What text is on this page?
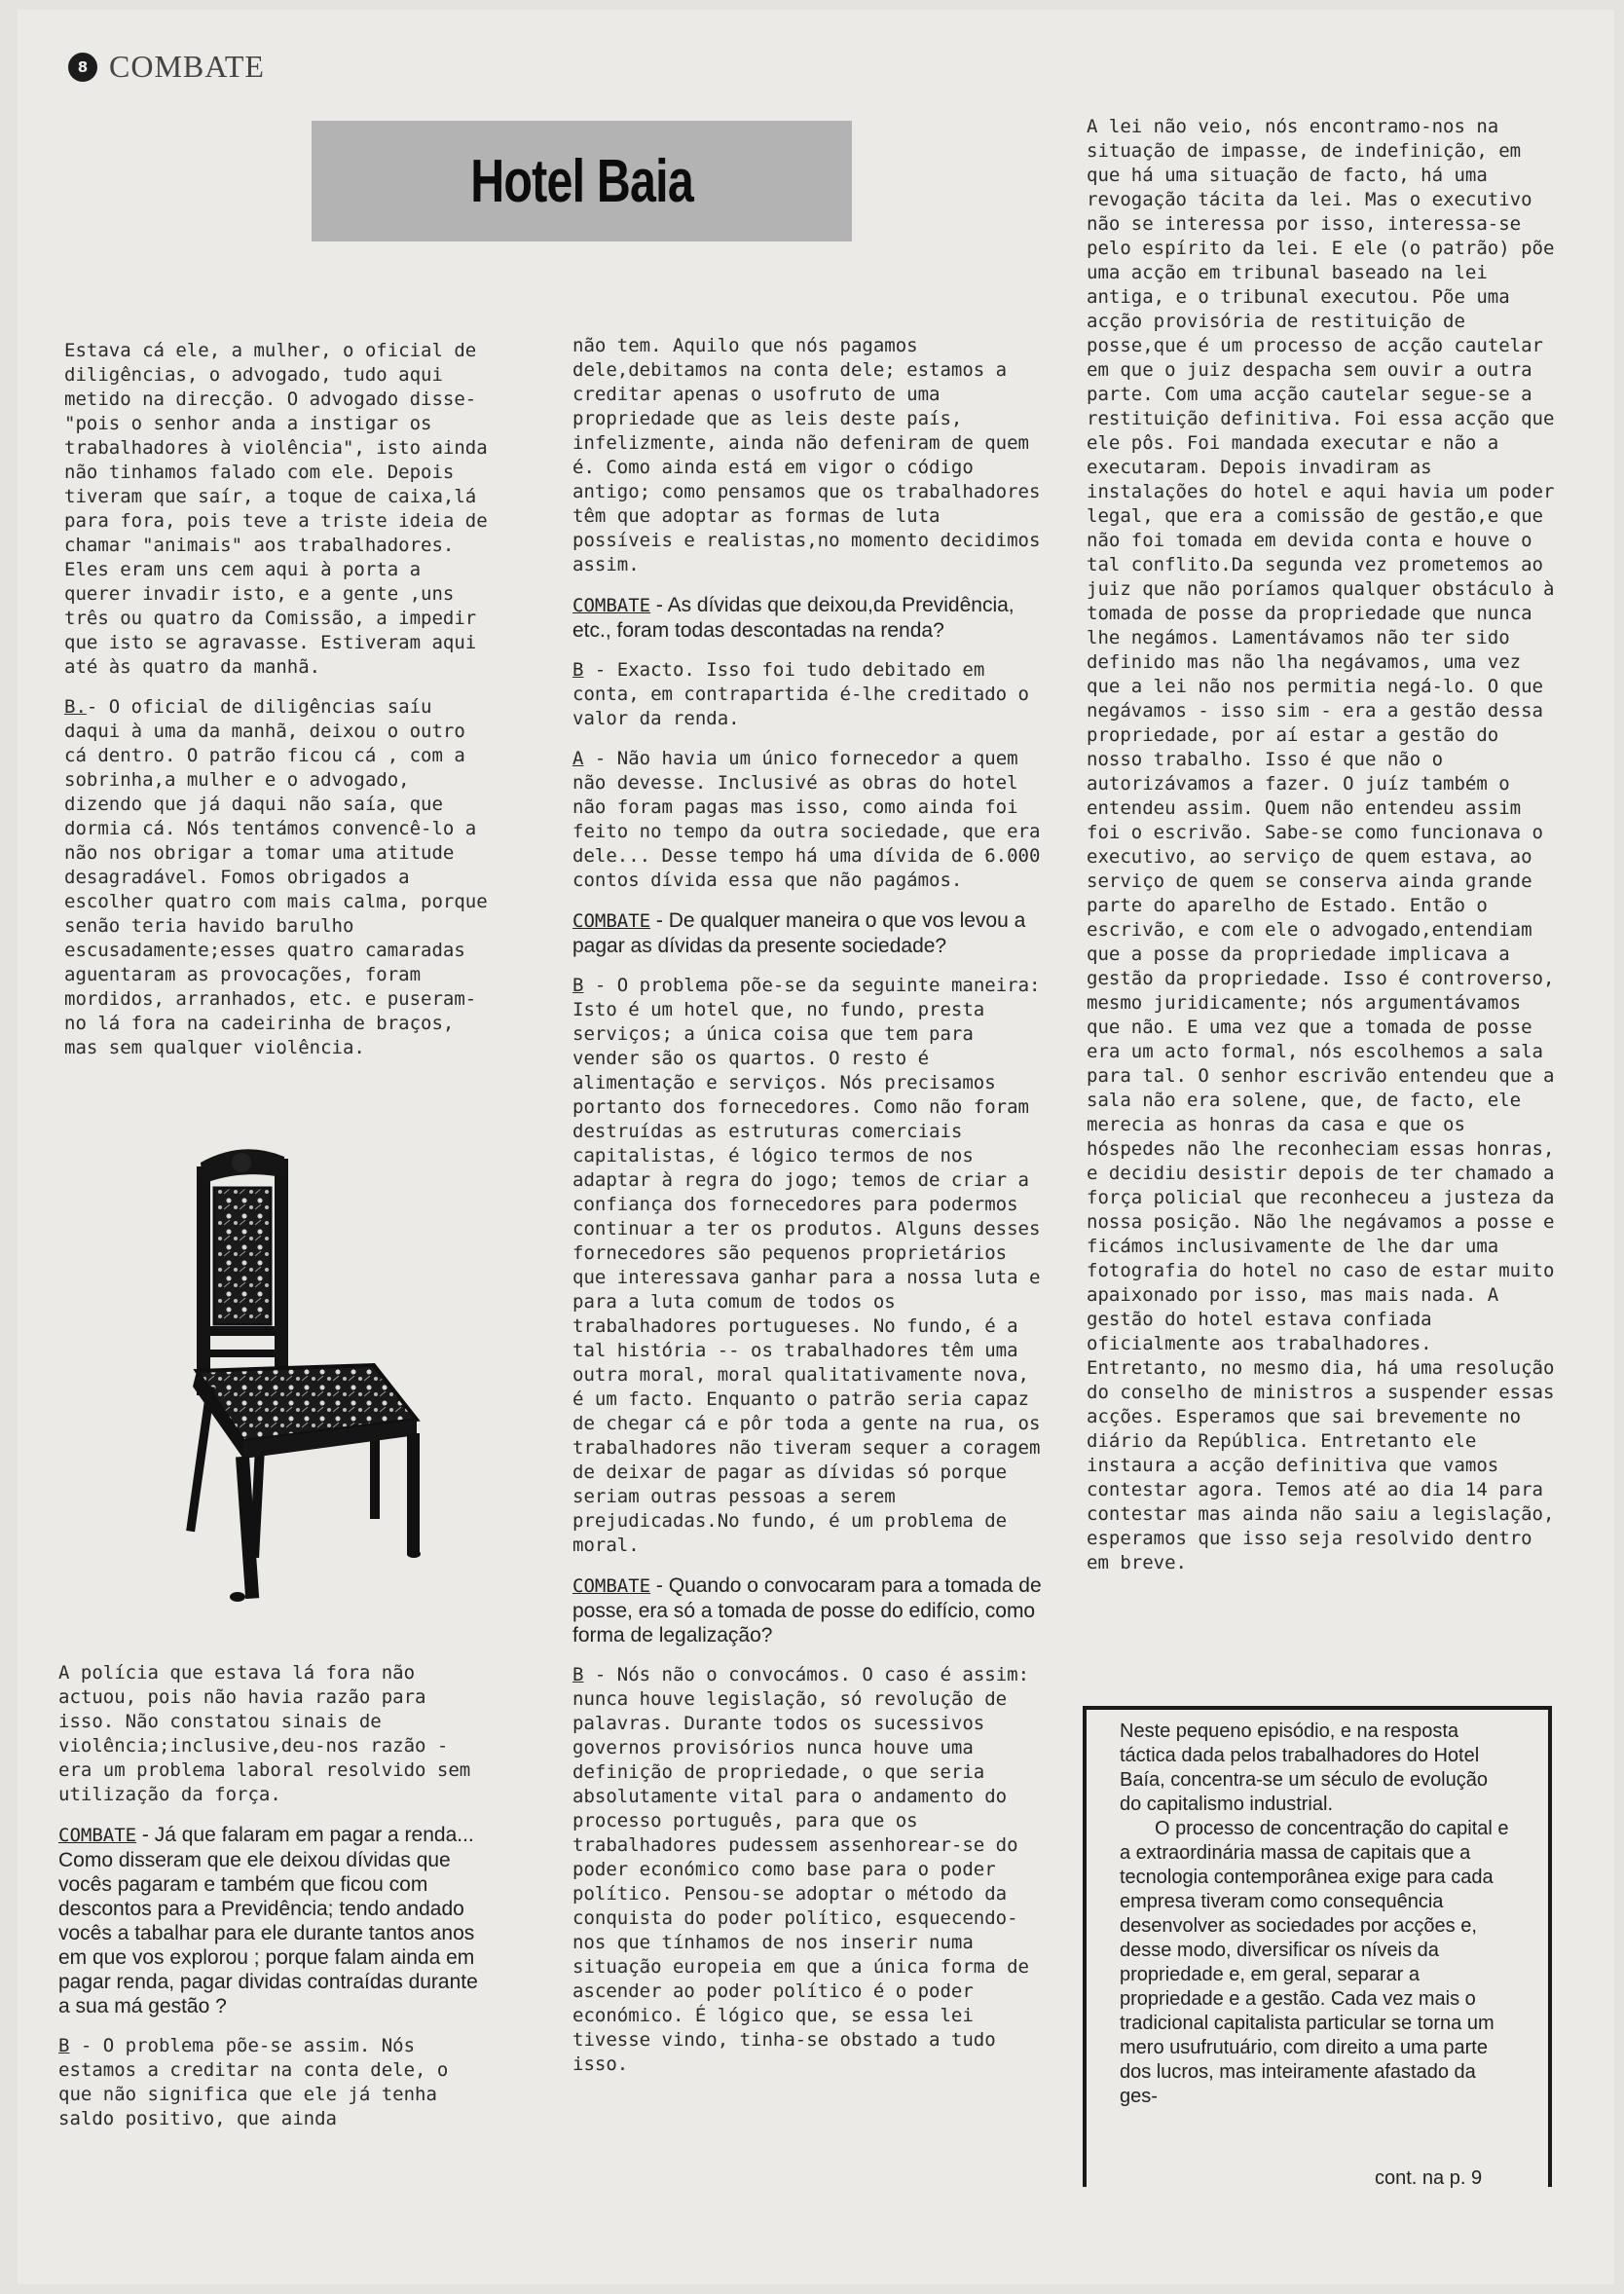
8 COMBATE
Hotel Baia

Estava cá ele, a mulher, o oficial de diligências, o advogado, tudo aqui metido na direcção. O advogado disse-"pois o senhor anda a instigar os trabalhadores à violência", isto ainda não tinhamos falado com ele. Depois tiveram que saír, a toque de caixa,lá para fora, pois teve a triste ideia de chamar "animais" aos trabalhadores. Eles eram uns cem aqui à porta a querer invadir isto, e a gente ,uns três ou quatro da Comissão, a impedir que isto se agravasse. Estiveram aqui até às quatro da manhã.

B.- O oficial de diligências saíu daqui à uma da manhã, deixou o outro cá dentro. O patrão ficou cá , com a sobrinha,a mulher e o advogado, dizendo que já daqui não saía, que dormia cá. Nós tentámos convencê-lo a não nos obrigar a tomar uma atitude desagradável. Fomos obrigados a escolher quatro com mais calma, porque senão teria havido barulho escusadamente;esses quatro camaradas aguentaram as provocações, foram mordidos, arranhados, etc. e puseram-no lá fora na cadeirinha de braços, mas sem qualquer violência.

A polícia que estava lá fora não actuou, pois não havia razão para isso. Não constatou sinais de violência;inclusive,deu-nos razão - era um problema laboral resolvido sem utilização da força.

COMBATE - Já que falaram em pagar a renda... Como disseram que ele deixou dívidas que vocês pagaram e também que ficou com descontos para a Previdência; tendo andado vocês a tabalhar para ele durante tantos anos em que vos explorou ; porque falam ainda em pagar renda, pagar dividas contraídas durante a sua má gestão ?

B - O problema põe-se assim. Nós estamos a creditar na conta dele, o que não significa que ele já tenha saldo positivo, que ainda

não tem. Aquilo que nós pagamos dele,debitamos na conta dele; estamos a creditar apenas o usofruto de uma propriedade que as leis deste país, infelizmente, ainda não defeniram de quem é. Como ainda está em vigor o código antigo; como pensamos que os trabalhadores têm que adoptar as formas de luta possíveis e realistas,no momento decidimos assim.

COMBATE - As dívidas que deixou,da Previdência, etc., foram todas descontadas na renda?

B - Exacto. Isso foi tudo debitado em conta, em contrapartida é-lhe creditado o valor da renda.

A - Não havia um único fornecedor a quem não devesse. Inclusivé as obras do hotel não foram pagas mas isso, como ainda foi feito no tempo da outra sociedade, que era dele... Desse tempo há uma dívida de 6.000 contos dívida essa que não pagámos.

COMBATE - De qualquer maneira o que vos levou a pagar as dívidas da presente sociedade?

B - O problema põe-se da seguinte maneira: Isto é um hotel que, no fundo, presta serviços; a única coisa que tem para vender são os quartos. O resto é alimentação e serviços. Nós precisamos portanto dos fornecedores. Como não foram destruídas as estruturas comerciais capitalistas, é lógico termos de nos adaptar à regra do jogo; temos de criar a confiança dos fornecedores para podermos continuar a ter os produtos. Alguns desses fornecedores são pequenos proprietários que interessava ganhar para a nossa luta e para a luta comum de todos os trabalhadores portugueses. No fundo, é a tal história -- os trabalhadores têm uma outra moral, moral qualitativamente nova, é um facto. Enquanto o patrão seria capaz de chegar cá e pôr toda a gente na rua, os trabalhadores não tiveram sequer a coragem de deixar de pagar as dívidas só porque seriam outras pessoas a serem prejudicadas.No fundo, é um problema de moral.

COMBATE - Quando o convocaram para a tomada de posse, era só a tomada de posse do edifício, como forma de legalização?

B - Nós não o convocámos. O caso é assim: nunca houve legislação, só revolução de palavras. Durante todos os sucessivos governos provisórios nunca houve uma definição de propriedade, o que seria absolutamente vital para o andamento do processo português, para que os trabalhadores pudessem assenhorear-se do poder económico como base para o poder político. Pensou-se adoptar o método da conquista do poder político, esquecendo-nos que tínhamos de nos inserir numa situação europeia em que a única forma de ascender ao poder político é o poder económico. É lógico que, se essa lei tivesse vindo, tinha-se obstado a tudo isso.

A lei não veio, nós encontramo-nos na situação de impasse, de indefinição, em que há uma situação de facto, há uma revogação tácita da lei. Mas o executivo não se interessa por isso, interessa-se pelo espírito da lei. E ele (o patrão) põe uma acção em tribunal baseado na lei antiga, e o tribunal executou. Põe uma acção provisória de restituição de posse,que é um processo de acção cautelar em que o juiz despacha sem ouvir a outra parte. Com uma acção cautelar segue-se a restituição definitiva. Foi essa acção que ele pôs. Foi mandada executar e não a executaram. Depois invadiram as instalações do hotel e aqui havia um poder legal, que era a comissão de gestão,e que não foi tomada em devida conta e houve o tal conflito.Da segunda vez prometemos ao juiz que não poríamos qualquer obstáculo à tomada de posse da propriedade que nunca lhe negámos. Lamentávamos não ter sido definido mas não lha negávamos, uma vez que a lei não nos permitia negá-lo. O que negávamos - isso sim - era a gestão dessa propriedade, por aí estar a gestão do nosso trabalho. Isso é que não o autorizávamos a fazer. O juíz também o entendeu assim. Quem não entendeu assim foi o escrivão. Sabe-se como funcionava o executivo, ao serviço de quem estava, ao serviço de quem se conserva ainda grande parte do aparelho de Estado. Então o escrivão, e com ele o advogado,entendiam que a posse da propriedade implicava a gestão da propriedade. Isso é controverso, mesmo juridicamente; nós argumentávamos que não. E uma vez que a tomada de posse era um acto formal, nós escolhemos a sala para tal. O senhor escrivão entendeu que a sala não era solene, que, de facto, ele merecia as honras da casa e que os hóspedes não lhe reconheciam essas honras, e decidiu desistir depois de ter chamado a força policial que reconheceu a justeza da nossa posição. Não lhe negávamos a posse e ficámos inclusivamente de lhe dar uma fotografia do hotel no caso de estar muito apaixonado por isso, mas mais nada. A gestão do hotel estava confiada oficialmente aos trabalhadores. Entretanto, no mesmo dia, há uma resolução do conselho de ministros a suspender essas acções. Esperamos que sai brevemente no diário da República. Entretanto ele instaura a acção definitiva que vamos contestar agora. Temos até ao dia 14 para contestar mas ainda não saiu a legislação, esperamos que isso seja resolvido dentro em breve.

Neste pequeno episódio, e na resposta táctica dada pelos trabalhadores do Hotel Baía, concentra-se um século de evolução do capitalismo industrial.

O processo de concentração do capital e a extraordinária massa de capitais que a tecnologia contemporânea exige para cada empresa tiveram como consequência desenvolver as sociedades por acções e, desse modo, diversificar os níveis da propriedade e, em geral, separar a propriedade e a gestão. Cada vez mais o tradicional capitalista particular se torna um mero usufrutuário, com direito a uma parte dos lucros, mas inteiramente afastado da ges-

cont. na p. 9
